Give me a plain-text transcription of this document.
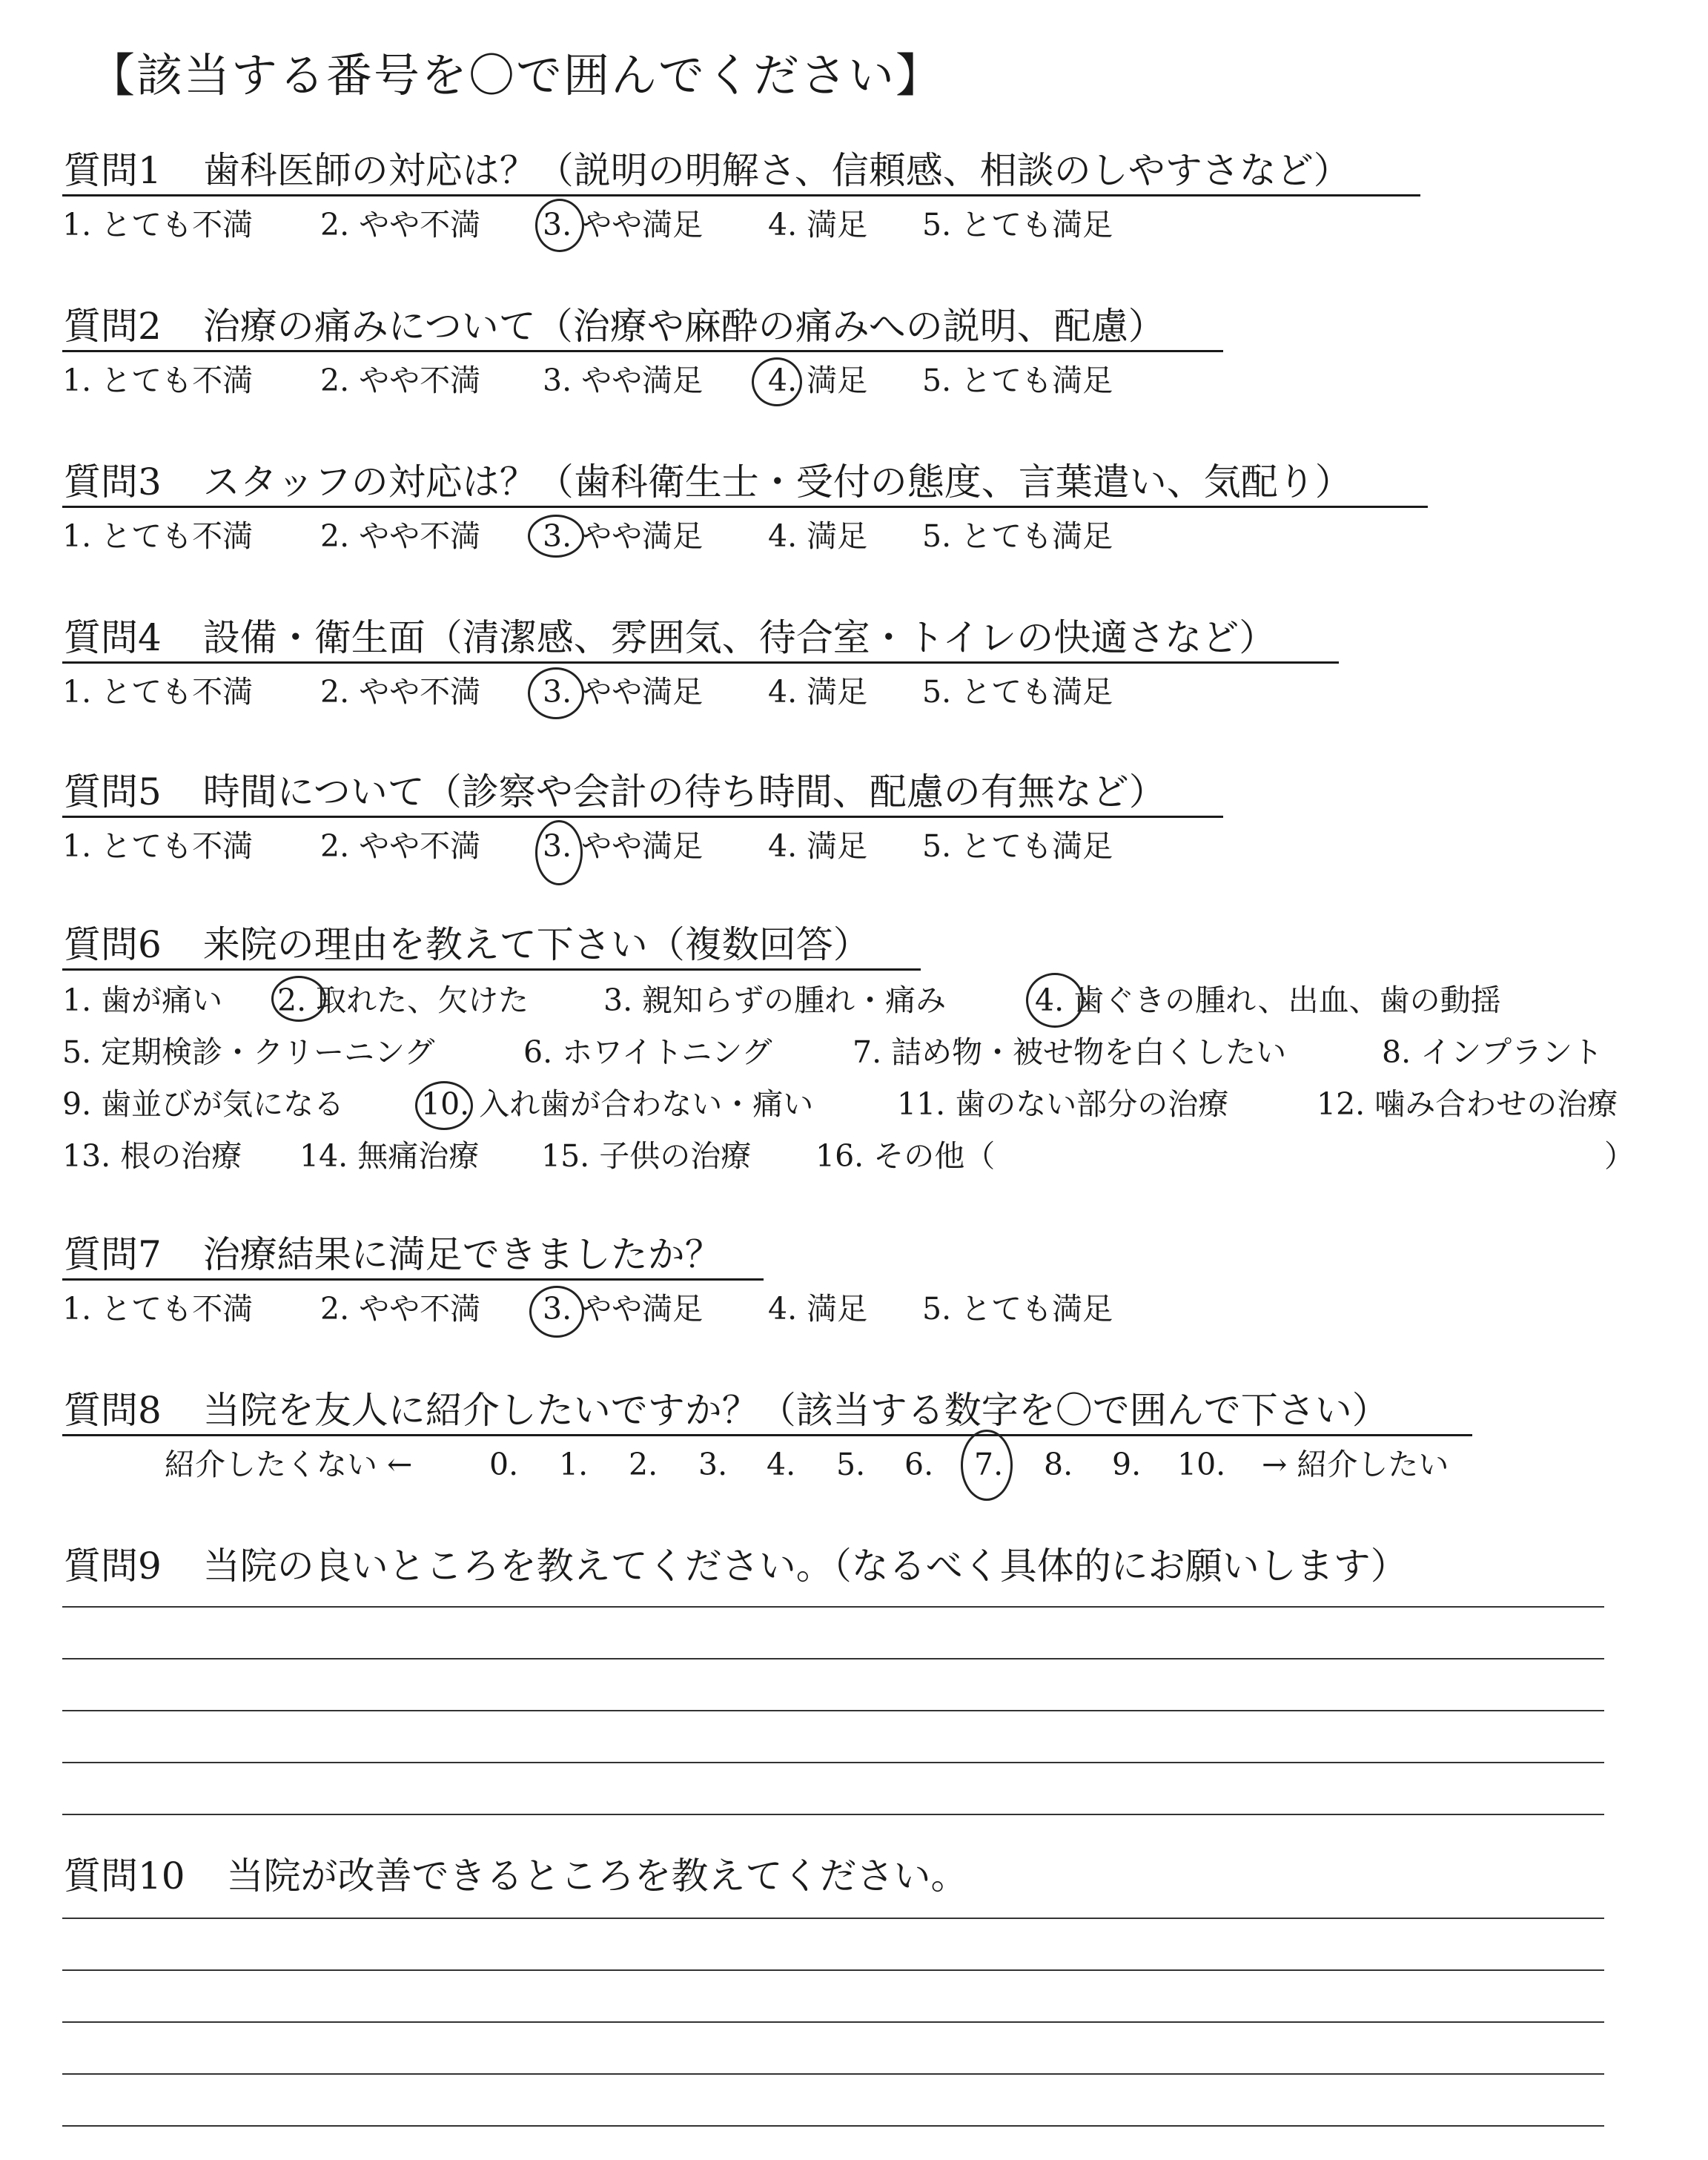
【該当する番号を〇で囲んでください】
質問1 歯科医師の対応は？（説明の明解さ、信頼感、相談のしやすさなど）
1. とても不満 2. やや不満 3. やや満足 4. 満足 5. とても満足
質問2 治療の痛みについて（治療や麻酔の痛みへの説明、配慮）
1. とても不満 2. やや不満 3. やや満足 4. 満足 5. とても満足
質問3 スタッフの対応は？（歯科衛生士・受付の態度、言葉遣い、気配り）
1. とても不満 2. やや不満 3. やや満足 4. 満足 5. とても満足
質問4 設備・衛生面（清潔感、雰囲気、待合室・トイレの快適さなど）
1. とても不満 2. やや不満 3. やや満足 4. 満足 5. とても満足
質問5 時間について（診察や会計の待ち時間、配慮の有無など）
1. とても不満 2. やや不満 3. やや満足 4. 満足 5. とても満足
質問6 来院の理由を教えて下さい（複数回答）
1. 歯が痛い 2. 取れた、欠けた 3. 親知らずの腫れ・痛み	4. 歯ぐきの腫れ、出血、歯の動揺
5. 定期検診・クリーニング	6. ホワイトニング	7. 詰め物・被せ物を白くしたい	8. インプラント
9. 歯並びが気になる	10. 入れ歯が合わない・痛い	11. 歯のない部分の治療	12. 噛み合わせの治療
13. 根の治療 14. 無痛治療 15. 子供の治療 16. その他（	）
質問7 治療結果に満足できましたか？
1. とても不満 2. やや不満 3. やや満足 4. 満足 5. とても満足
質問8 当院を友人に紹介したいですか？（該当する数字を〇で囲んで下さい）
紹介したくない ←	0. 1. 2. 3. 4. 5. 6. 7. 8. 9. 10. → 紹介したい
質問9 当院の良いところを教えてください。（なるべく具体的にお願いします）
質問10 当院が改善できるところを教えてください。
